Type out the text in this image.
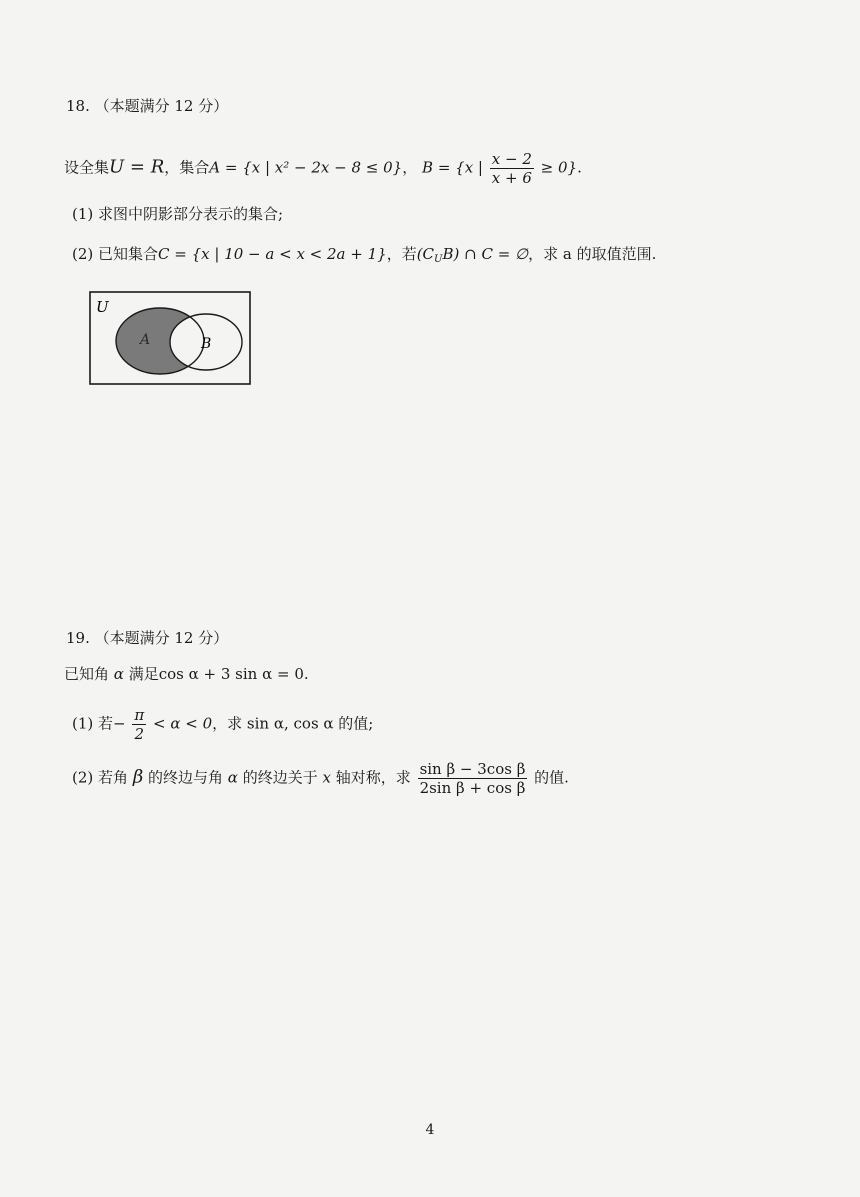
18. （本题满分 12 分）
设全集U = R，集合A = {x | x² − 2x − 8 ≤ 0}， B = {x | $\frac{x - 2}{x + 6} \ge 0$}.
(1) 求图中阴影部分表示的集合;
(2) 已知集合C = {x | 10 − a < x < 2a + 1}，若$(C_UB)$ ∩ C = ∅，求 a 的取值范围.
U
A	B
19. （本题满分 12 分）
已知角 α 满足cos α + 3 sin α = 0.
(1) 若− $\frac{\pi}{2} < \alpha < 0$，求 sin α, cos α 的值;
(2) 若角 β 的终边与角 α 的终边关于 x 轴对称，求 $\frac{\text{sin β − 3cos β}}{\text{2sin β + cos β}}$ 的值.
4
